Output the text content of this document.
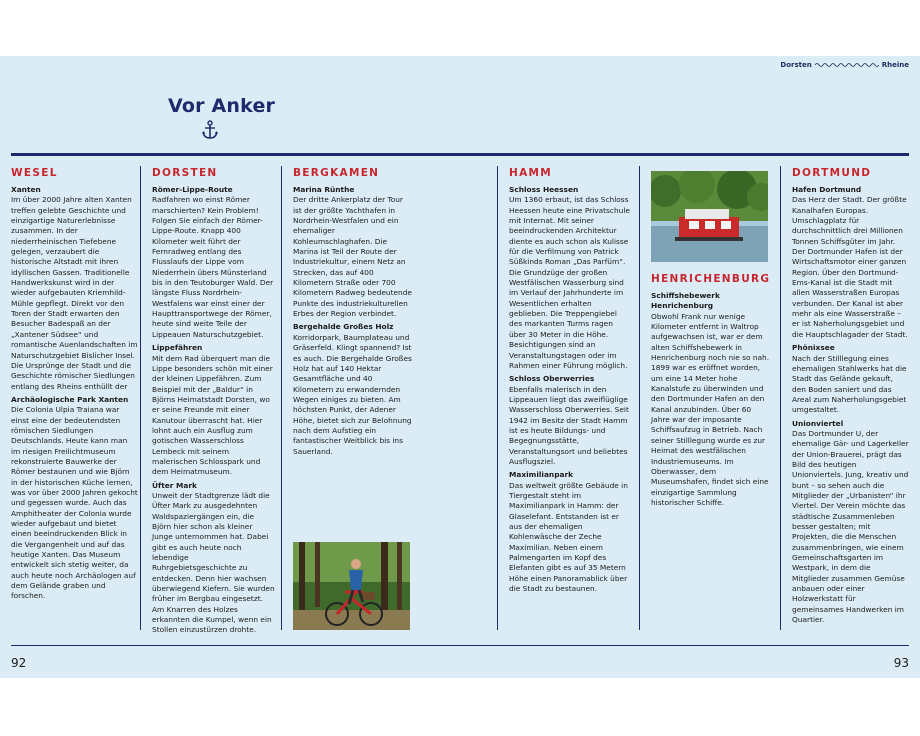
Dorsten	Rheine
Vor Anker
WESEL
Xanten

Im über 2000 Jahre alten Xanten treffen gelebte Geschichte und einzigartige Naturerlebnisse zusammen. In der niederrheinischen Tiefebene gelegen, verzaubert die historische Altstadt mit ihren idyllischen Gassen. Traditionelle Handwerkskunst wird in der wieder aufgebauten Kriemhild-Mühle gepflegt. Direkt vor den Toren der Stadt erwarten den Besucher Badespaß an der „Xantener Südsee“ und romantische Auenlandschaften im Naturschutzgebiet Bislicher Insel. Die Ursprünge der Stadt und die Geschichte römischer Siedlungen entlang des Rheins enthüllt der

Archäologische Park Xanten

Die Colonia Ulpia Traiana war einst eine der bedeutendsten römischen Siedlungen Deutschlands. Heute kann man im riesigen Freilichtmuseum rekonstruierte Bauwerke der Römer bestaunen und wie Björn in der historischen Küche lernen, was vor über 2000 Jahren gekocht und gegessen wurde. Auch das Amphitheater der Colonia wurde wieder aufgebaut und bietet einen beeindruckenden Blick in die Vergangenheit und auf das heutige Xanten. Das Museum entwickelt sich stetig weiter, da auch heute noch Archäologen auf dem Gelände graben und forschen.

DORSTEN
Römer-Lippe-Route

Radfahren wo einst Römer marschierten? Kein Problem! Folgen Sie einfach der Römer-Lippe-Route. Knapp 400 Kilometer weit führt der Fernradweg entlang des Flusslaufs der Lippe vom Niederrhein übers Münsterland bis in den Teutoburger Wald. Der längste Fluss Nordrhein-Westfalens war einst einer der Haupttransportwege der Römer, heute sind weite Teile der Lippeauen Naturschutzgebiet.

Lippefähren

Mit dem Rad überquert man die Lippe besonders schön mit einer der kleinen Lippefähren. Zum Beispiel mit der „Baldur“ in Björns Heimatstadt Dorsten, wo er seine Freunde mit einer Kanutour überrascht hat. Hier lohnt auch ein Ausflug zum gotischen Wasserschloss Lembeck mit seinem malerischen Schlosspark und dem Heimatmuseum.

Üfter Mark

Unweit der Stadtgrenze lädt die Üfter Mark zu ausgedehnten Waldspaziergängen ein, die Björn hier schon als kleiner Junge unternommen hat. Dabei gibt es auch heute noch lebendige Ruhrgebietsgeschichte zu entdecken. Denn hier wachsen überwiegend Kiefern. Sie wurden früher im Bergbau eingesetzt. Am Knarren des Holzes erkannten die Kumpel, wenn ein Stollen einzustürzen drohte.

BERGKAMEN
Marina Rünthe

Der dritte Ankerplatz der Tour ist der größte Yachthafen in Nordrhein-Westfalen und ein ehemaliger Kohleumschlaghafen. Die Marina ist Teil der Route der Industriekultur, einem Netz an Strecken, das auf 400 Kilometern Straße oder 700 Kilometern Radweg bedeutende Punkte des industriekulturellen Erbes der Region verbindet.

Bergehalde Großes Holz

Korridorpark, Baumplateau und Gräserfeld. Klingt spannend? Ist es auch. Die Bergehalde Großes Holz hat auf 140 Hektar Gesamtfläche und 40 Kilometern zu erwandernden Wegen einiges zu bieten. Am höchsten Punkt, der Adener Höhe, bietet sich zur Belohnung nach dem Aufstieg ein fantastischer Weitblick bis ins Sauerland.

HAMM
Schloss Heessen

Um 1360 erbaut, ist das Schloss Heessen heute eine Privatschule mit Internat. Mit seiner beeindruckenden Architektur diente es auch schon als Kulisse für die Verfilmung von Patrick Süßkinds Roman „Das Parfüm“. Die Grundzüge der großen Westfälischen Wasserburg sind im Verlauf der Jahrhunderte im Wesentlichen erhalten geblieben. Die Treppengiebel des markanten Turms ragen über 30 Meter in die Höhe. Besichtigungen sind an Veranstaltungstagen oder im Rahmen einer Führung möglich.

Schloss Oberwerries

Ebenfalls malerisch in den Lippeauen liegt das zweiflüglige Wasserschloss Oberwerries. Seit 1942 im Besitz der Stadt Hamm ist es heute Bildungs- und Begegnungsstätte, Veranstaltungsort und beliebtes Ausflugsziel.

Maximilianpark

Das weltweit größte Gebäude in Tiergestalt steht im Maximilianpark in Hamm: der Glaselefant. Entstanden ist er aus der ehemaligen Kohlenwäsche der Zeche Maximilian. Neben einem Palmengarten im Kopf des Elefanten gibt es auf 35 Metern Höhe einen Panoramablick über die Stadt zu bestaunen.

HENRICHENBURG
Schiffshebewerk Henrichenburg

Obwohl Frank nur wenige Kilometer entfernt in Waltrop aufgewachsen ist, war er dem alten Schiffshebewerk in Henrichenburg noch nie so nah. 1899 war es eröffnet worden, um eine 14 Meter hohe Kanalstufe zu überwinden und den Dortmunder Hafen an den Kanal anzubinden. Über 60 Jahre war der imposante Schiffsaufzug in Betrieb. Nach seiner Stilllegung wurde es zur Heimat des westfälischen Industriemuseums. Im Oberwasser, dem Museumshafen, findet sich eine einzigartige Sammlung historischer Schiffe.

DORTMUND
Hafen Dortmund

Das Herz der Stadt. Der größte Kanalhafen Europas. Umschlagplatz für durchschnittlich drei Millionen Tonnen Schiffsgüter im Jahr. Der Dortmunder Hafen ist der Wirtschaftsmotor einer ganzen Region. Über den Dortmund-Ems-Kanal ist die Stadt mit allen Wasserstraßen Europas verbunden. Der Kanal ist aber mehr als eine Wasserstraße – er ist Naherholungsgebiet und die Hauptschlagader der Stadt.

Phönixsee

Nach der Stilllegung eines ehemaligen Stahlwerks hat die Stadt das Gelände gekauft, den Boden saniert und das Areal zum Naherholungsgebiet umgestaltet.

Unionviertel

Das Dortmunder U, der ehemalige Gär- und Lagerkeller der Union-Brauerei, prägt das Bild des heutigen Unionviertels. Jung, kreativ und bunt – so sehen auch die Mitglieder der „Urbanisten“ ihr Viertel. Der Verein möchte das städtische Zusammenleben besser gestalten; mit Projekten, die die Menschen zusammenbringen, wie einem Gemeinschaftsgarten im Westpark, in dem die Mitglieder zusammen Gemüse anbauen oder einer Holzwerkstatt für gemeinsames Handwerken im Quartier.

92	93
